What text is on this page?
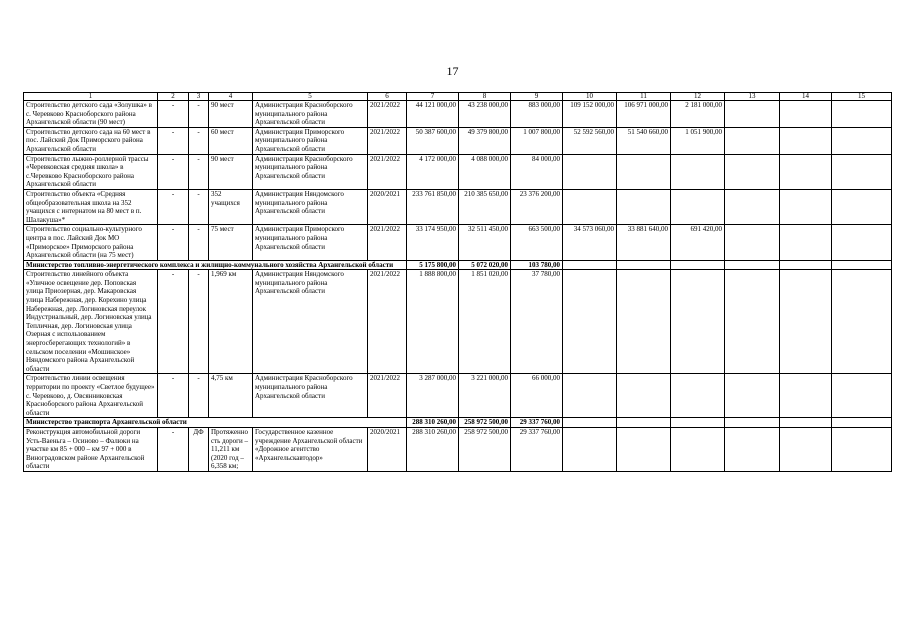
17
1	2	3	4	5	6	7	8	9	10	11	12	13	14	15
Строительство детского сада «Золушка» в с. Черевково Красноборского района Архангельской области (90 мест)	-	-	90 мест	Администрация Красноборского муниципального района Архангельской области	2021/2022	44 121 000,00	43 238 000,00	883 000,00	109 152 000,00	106 971 000,00	2 181 000,00			
Строительство детского сада на 60 мест в пос. Лайский Док Приморского района Архангельской области	-	-	60 мест	Администрация Приморского муниципального района Архангельской области	2021/2022	50 387 600,00	49 379 800,00	1 007 800,00	52 592 560,00	51 540 660,00	1 051 900,00			
Строительство лыжно-роллерной трассы «Черевковская средняя школа» в с.Черевково Красноборского района Архангельской области	-	-	90 мест	Администрация Красноборского муниципального района Архангельской области	2021/2022	4 172 000,00	4 088 000,00	84 000,00						
Строительство объекта «Средняя общеобразовательная школа на 352 учащихся с интернатом на 80 мест в п. Шалакуша»*	-	-	352 учащихся	Администрация Няндомского муниципального района Архангельской области	2020/2021	233 761 850,00	210 385 650,00	23 376 200,00						
Строительство социально-культурного центра в пос. Лайский Док МО «Приморское» Приморского района Архангельской области (на 75 мест)	-	-	75 мест	Администрация Приморского муниципального района Архангельской области	2021/2022	33 174 950,00	32 511 450,00	663 500,00	34 573 060,00	33 881 640,00	691 420,00			
Министерство топливно-энергетического комплекса и жилищно-коммунального хозяйства Архангельской области						5 175 800,00	5 072 020,00	103 780,00						
Строительство линейного объекта «Уличное освещение дер. Поповская улица Приозерная, дер. Макаровская улица Набережная, дер. Корехино улица Набережная, дер. Логиновская переулок Индустриальный, дер. Логиновская улица Тепличная, дер. Логиновская улица Озерная с использованием энергосберегающих технологий» в сельском поселении «Мошинское» Няндомского района Архангельской области	-	-	1,969 км	Администрация Няндомского муниципального района Архангельской области	2021/2022	1 888 800,00	1 851 020,00	37 780,00						
Строительство линии освещения территории по проекту «Светлое будущее» с. Черевково, д. Овсянниковская Красноборского района Архангельской области	-	-	4,75 км	Администрация Красноборского муниципального района Архангельской области	2021/2022	3 287 000,00	3 221 000,00	66 000,00						
Министерство транспорта Архангельской области						288 310 260,00	258 972 500,00	29 337 760,00						
Реконструкция автомобильной дороги Усть-Ваеньга – Осиново – Фалюки на участке км 85 + 000 – км 97 + 000 в Виноградовском районе Архангельской области	-	ДФ	Протяженность дороги – 11,211 км (2020 год – 6,358 км;	Государственное казенное учреждение Архангельской области «Дорожное агентство «Архангельскавтодор»	2020/2021	288 310 260,00	258 972 500,00	29 337 760,00						
